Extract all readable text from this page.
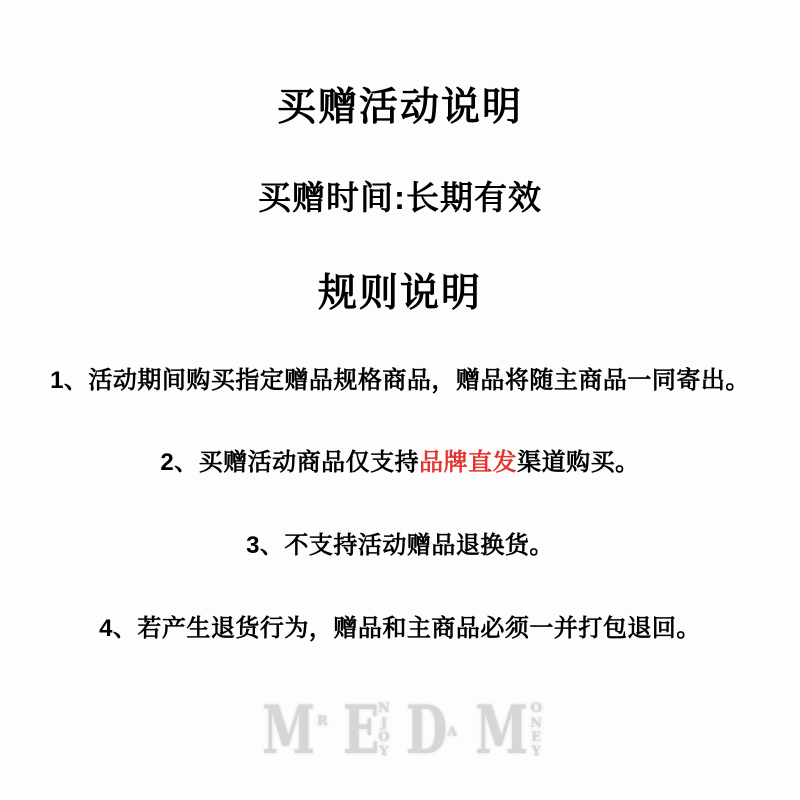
买赠活动说明
买赠时间:长期有效
规则说明

1、活动期间购买指定赠品规格商品，赠品将随主商品一同寄出。

2、买赠活动商品仅支持品牌直发渠道购买。

3、不支持活动赠品退换货。

4、若产生退货行为，赠品和主商品必须一并打包退回。

M R E N
J
O
Y D A M O
N
E
Y
